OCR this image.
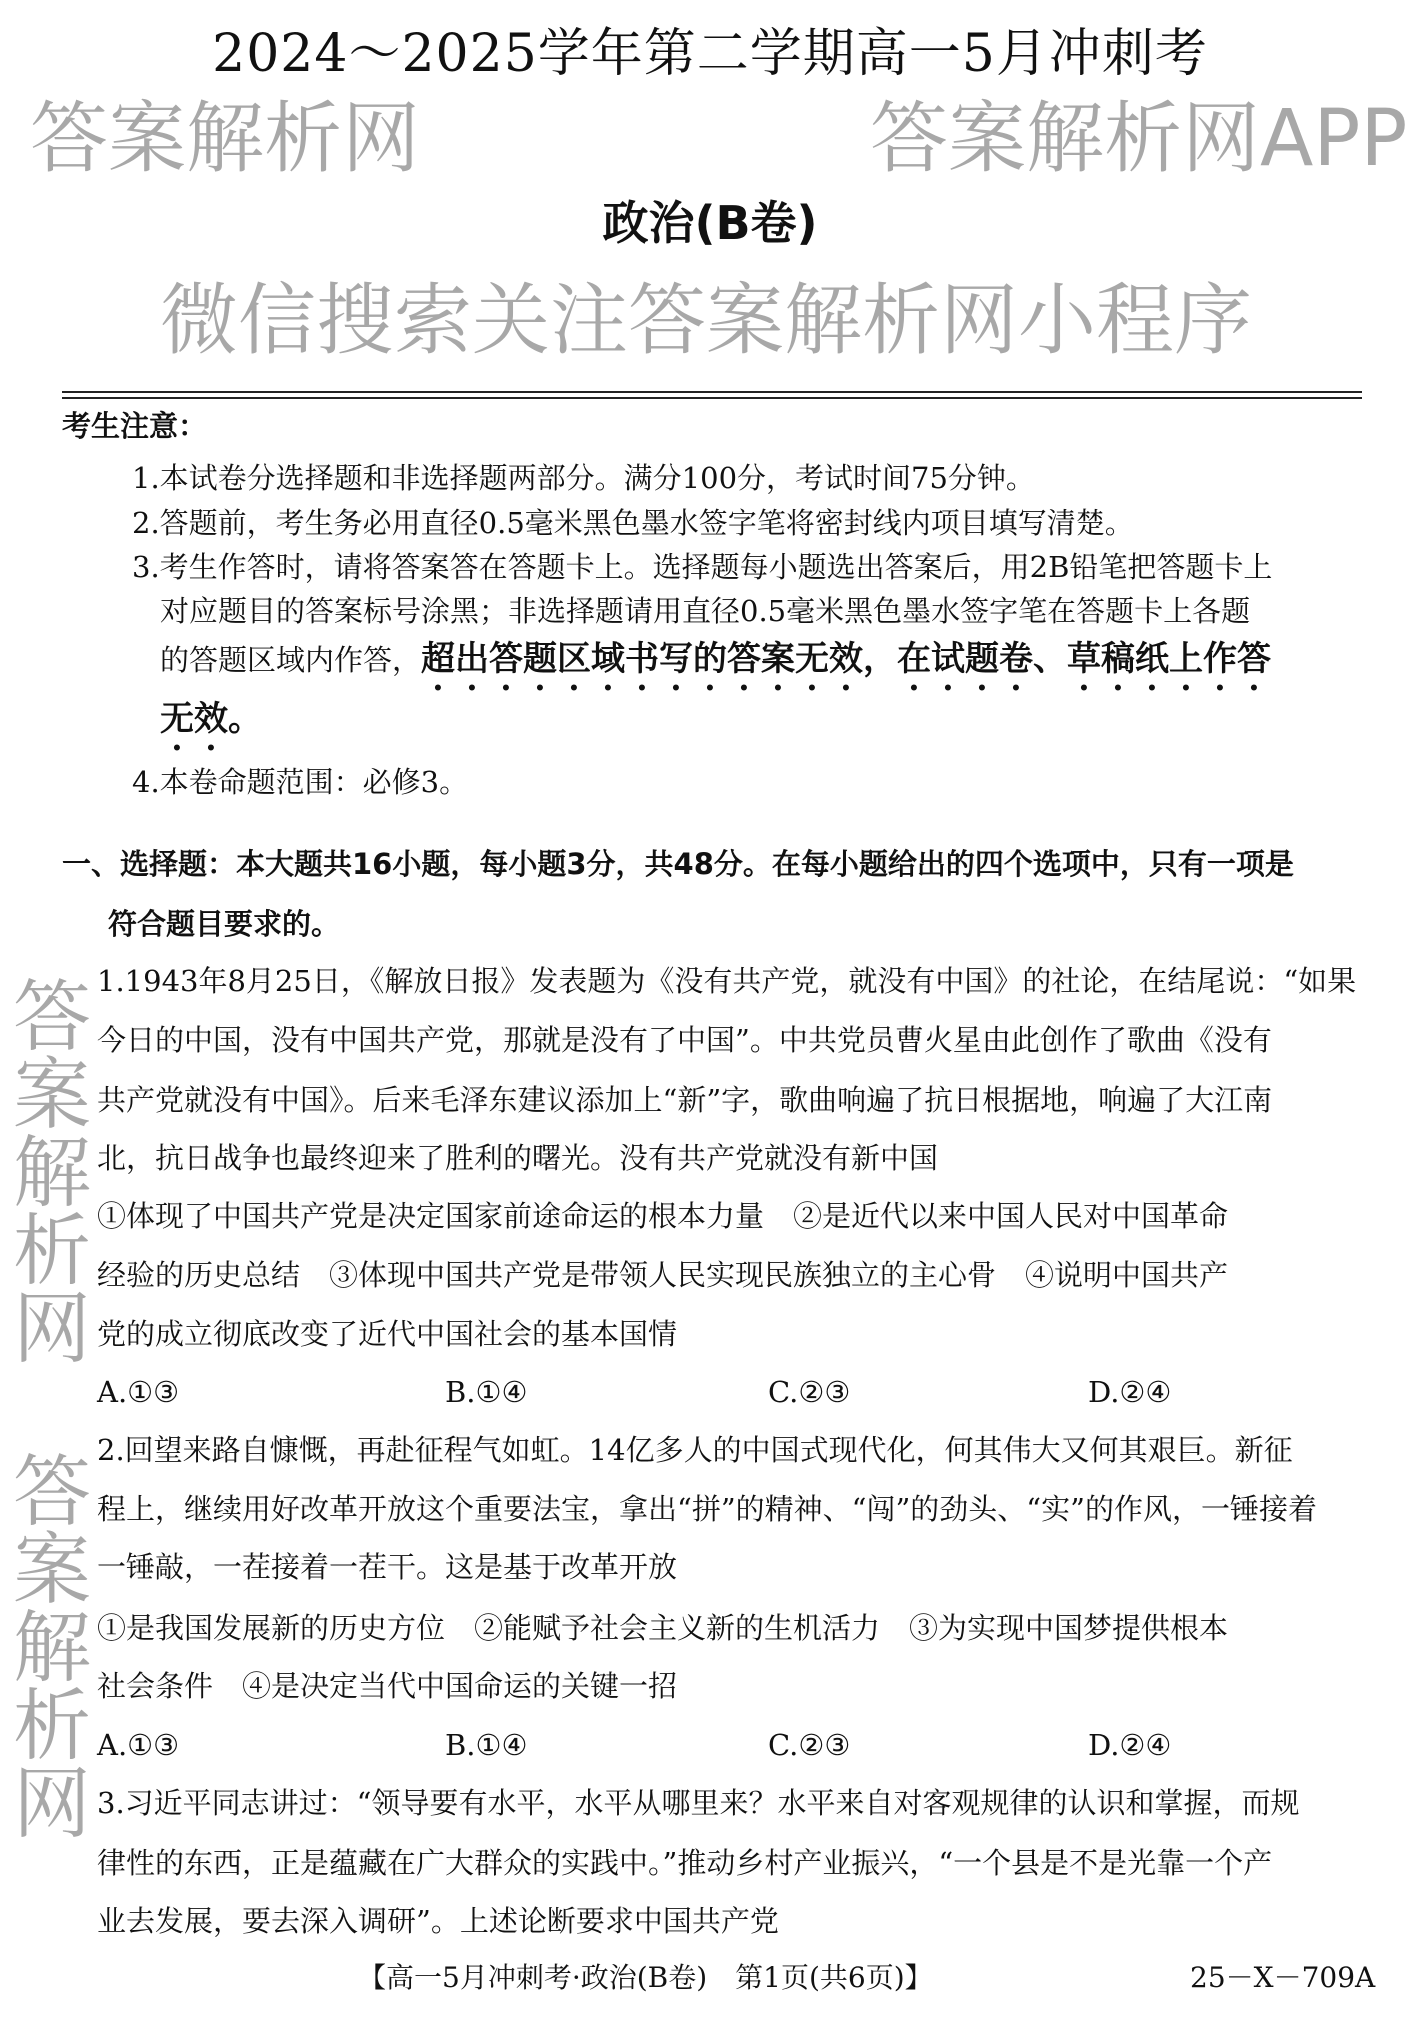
2024～2025学年第二学期高一5月冲刺考
政治(B卷)
考生注意：
1.本试卷分选择题和非选择题两部分。满分100分，考试时间75分钟。
2.答题前，考生务必用直径0.5毫米黑色墨水签字笔将密封线内项目填写清楚。
3.考生作答时，请将答案答在答题卡上。选择题每小题选出答案后，用2B铅笔把答题卡上
对应题目的答案标号涂黑；非选择题请用直径0.5毫米黑色墨水签字笔在答题卡上各题
的答题区域内作答，超出答题区域书写的答案无效，在试题卷、草稿纸上作答
无效。
4.本卷命题范围：必修3。
一、选择题：本大题共16小题，每小题3分，共48分。在每小题给出的四个选项中，只有一项是
符合题目要求的。
1.1943年8月25日，《解放日报》发表题为《没有共产党，就没有中国》的社论，在结尾说：“如果
今日的中国，没有中国共产党，那就是没有了中国”。中共党员曹火星由此创作了歌曲《没有
共产党就没有中国》。后来毛泽东建议添加上“新”字，歌曲响遍了抗日根据地，响遍了大江南
北，抗日战争也最终迎来了胜利的曙光。没有共产党就没有新中国
①体现了中国共产党是决定国家前途命运的根本力量　②是近代以来中国人民对中国革命
经验的历史总结　③体现中国共产党是带领人民实现民族独立的主心骨　④说明中国共产
党的成立彻底改变了近代中国社会的基本国情
A.①③	B.①④	C.②③	D.②④
2.回望来路自慷慨，再赴征程气如虹。14亿多人的中国式现代化，何其伟大又何其艰巨。新征
程上，继续用好改革开放这个重要法宝，拿出“拼”的精神、“闯”的劲头、“实”的作风，一锤接着
一锤敲，一茬接着一茬干。这是基于改革开放
①是我国发展新的历史方位　②能赋予社会主义新的生机活力　③为实现中国梦提供根本
社会条件　④是决定当代中国命运的关键一招
A.①③	B.①④	C.②③	D.②④
3.习近平同志讲过：“领导要有水平，水平从哪里来？水平来自对客观规律的认识和掌握，而规
律性的东西，正是蕴藏在广大群众的实践中。”推动乡村产业振兴，“一个县是不是光靠一个产
业去发展，要去深入调研”。上述论断要求中国共产党
【高一5月冲刺考·政治(B卷)　第1页(共6页)】	25－X－709A
答案解析网	答案解析网APP
答案解析网
微信搜索关注答案解析网小程序
答案解析网
